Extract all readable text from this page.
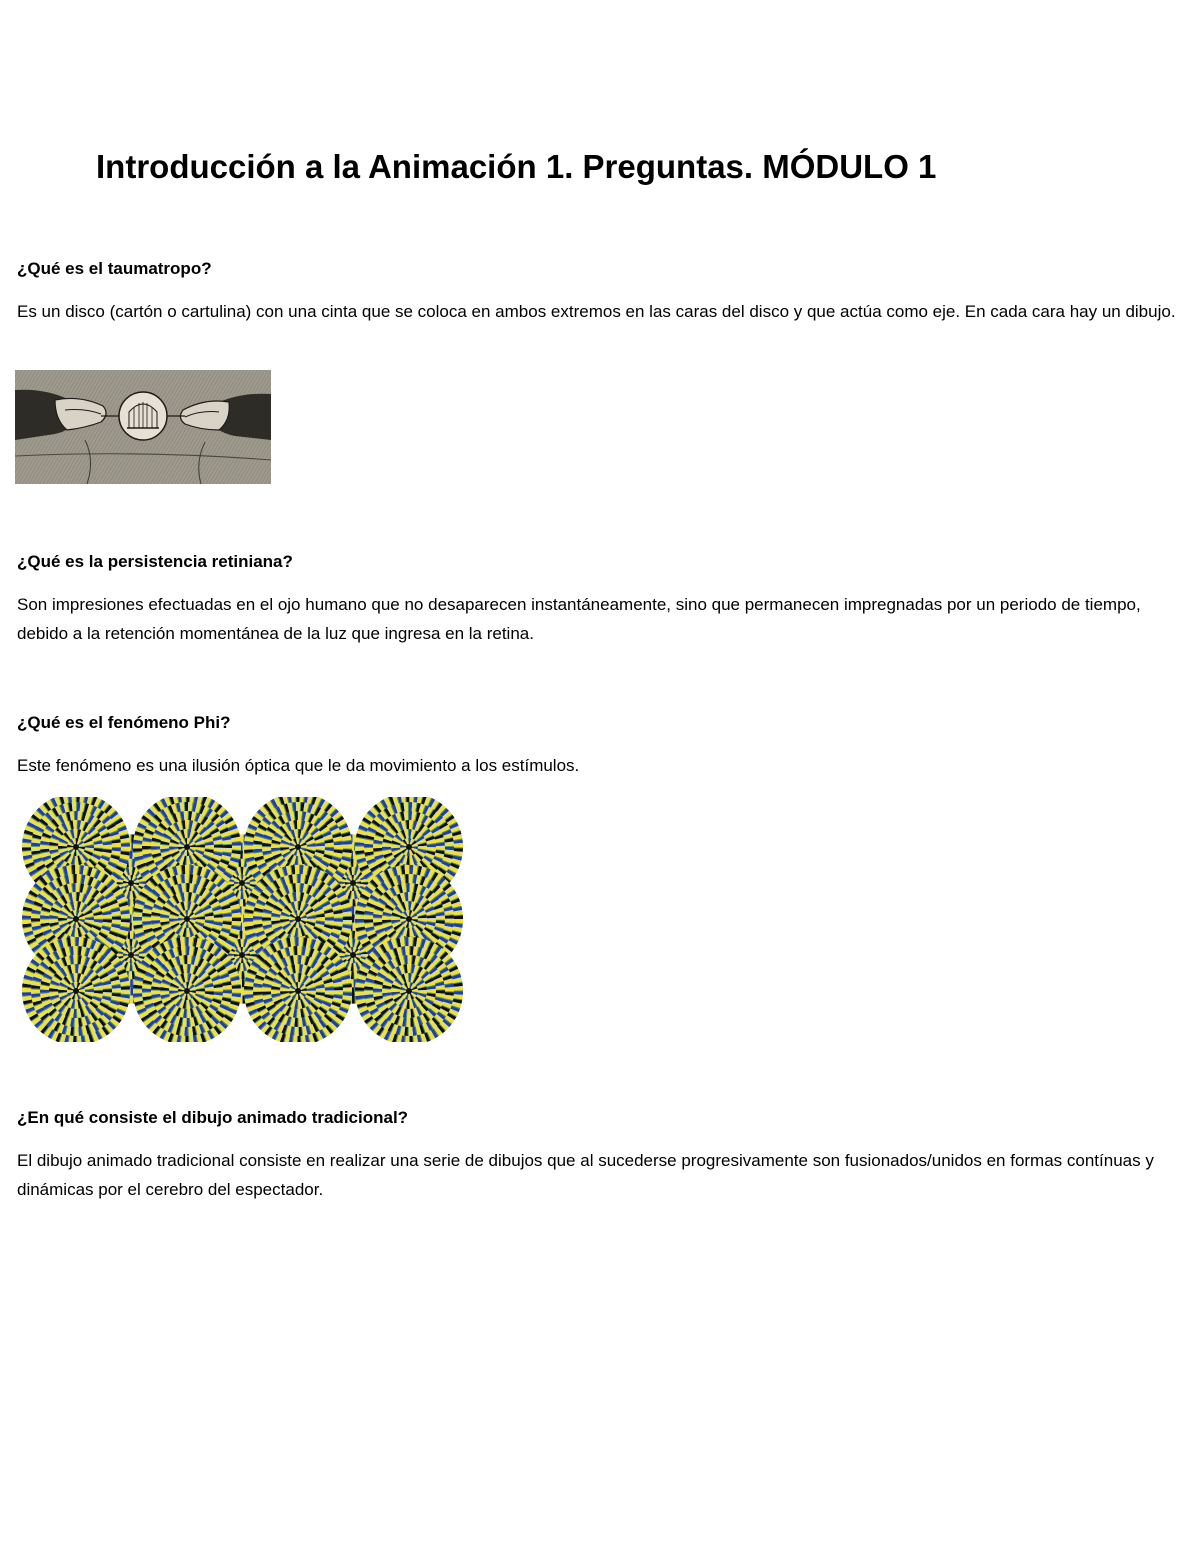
Introducción a la Animación 1. Preguntas. MÓDULO 1

¿Qué es el taumatropo?

Es un disco (cartón o cartulina) con una cinta que se coloca en ambos extremos en las caras del disco y que actúa como eje. En cada cara hay un dibujo.

¿Qué es la persistencia retiniana?

Son impresiones efectuadas en el ojo humano que no desaparecen instantáneamente, sino que permanecen impregnadas por un periodo de tiempo, debido a la retención momentánea de la luz que ingresa en la retina.

¿Qué es el fenómeno Phi?

Este fenómeno es una ilusión óptica que le da movimiento a los estímulos.

¿En qué consiste el dibujo animado tradicional?

El dibujo animado tradicional consiste en realizar una serie de dibujos que al sucederse progresivamente son fusionados/unidos en formas contínuas y dinámicas por el cerebro del espectador.
